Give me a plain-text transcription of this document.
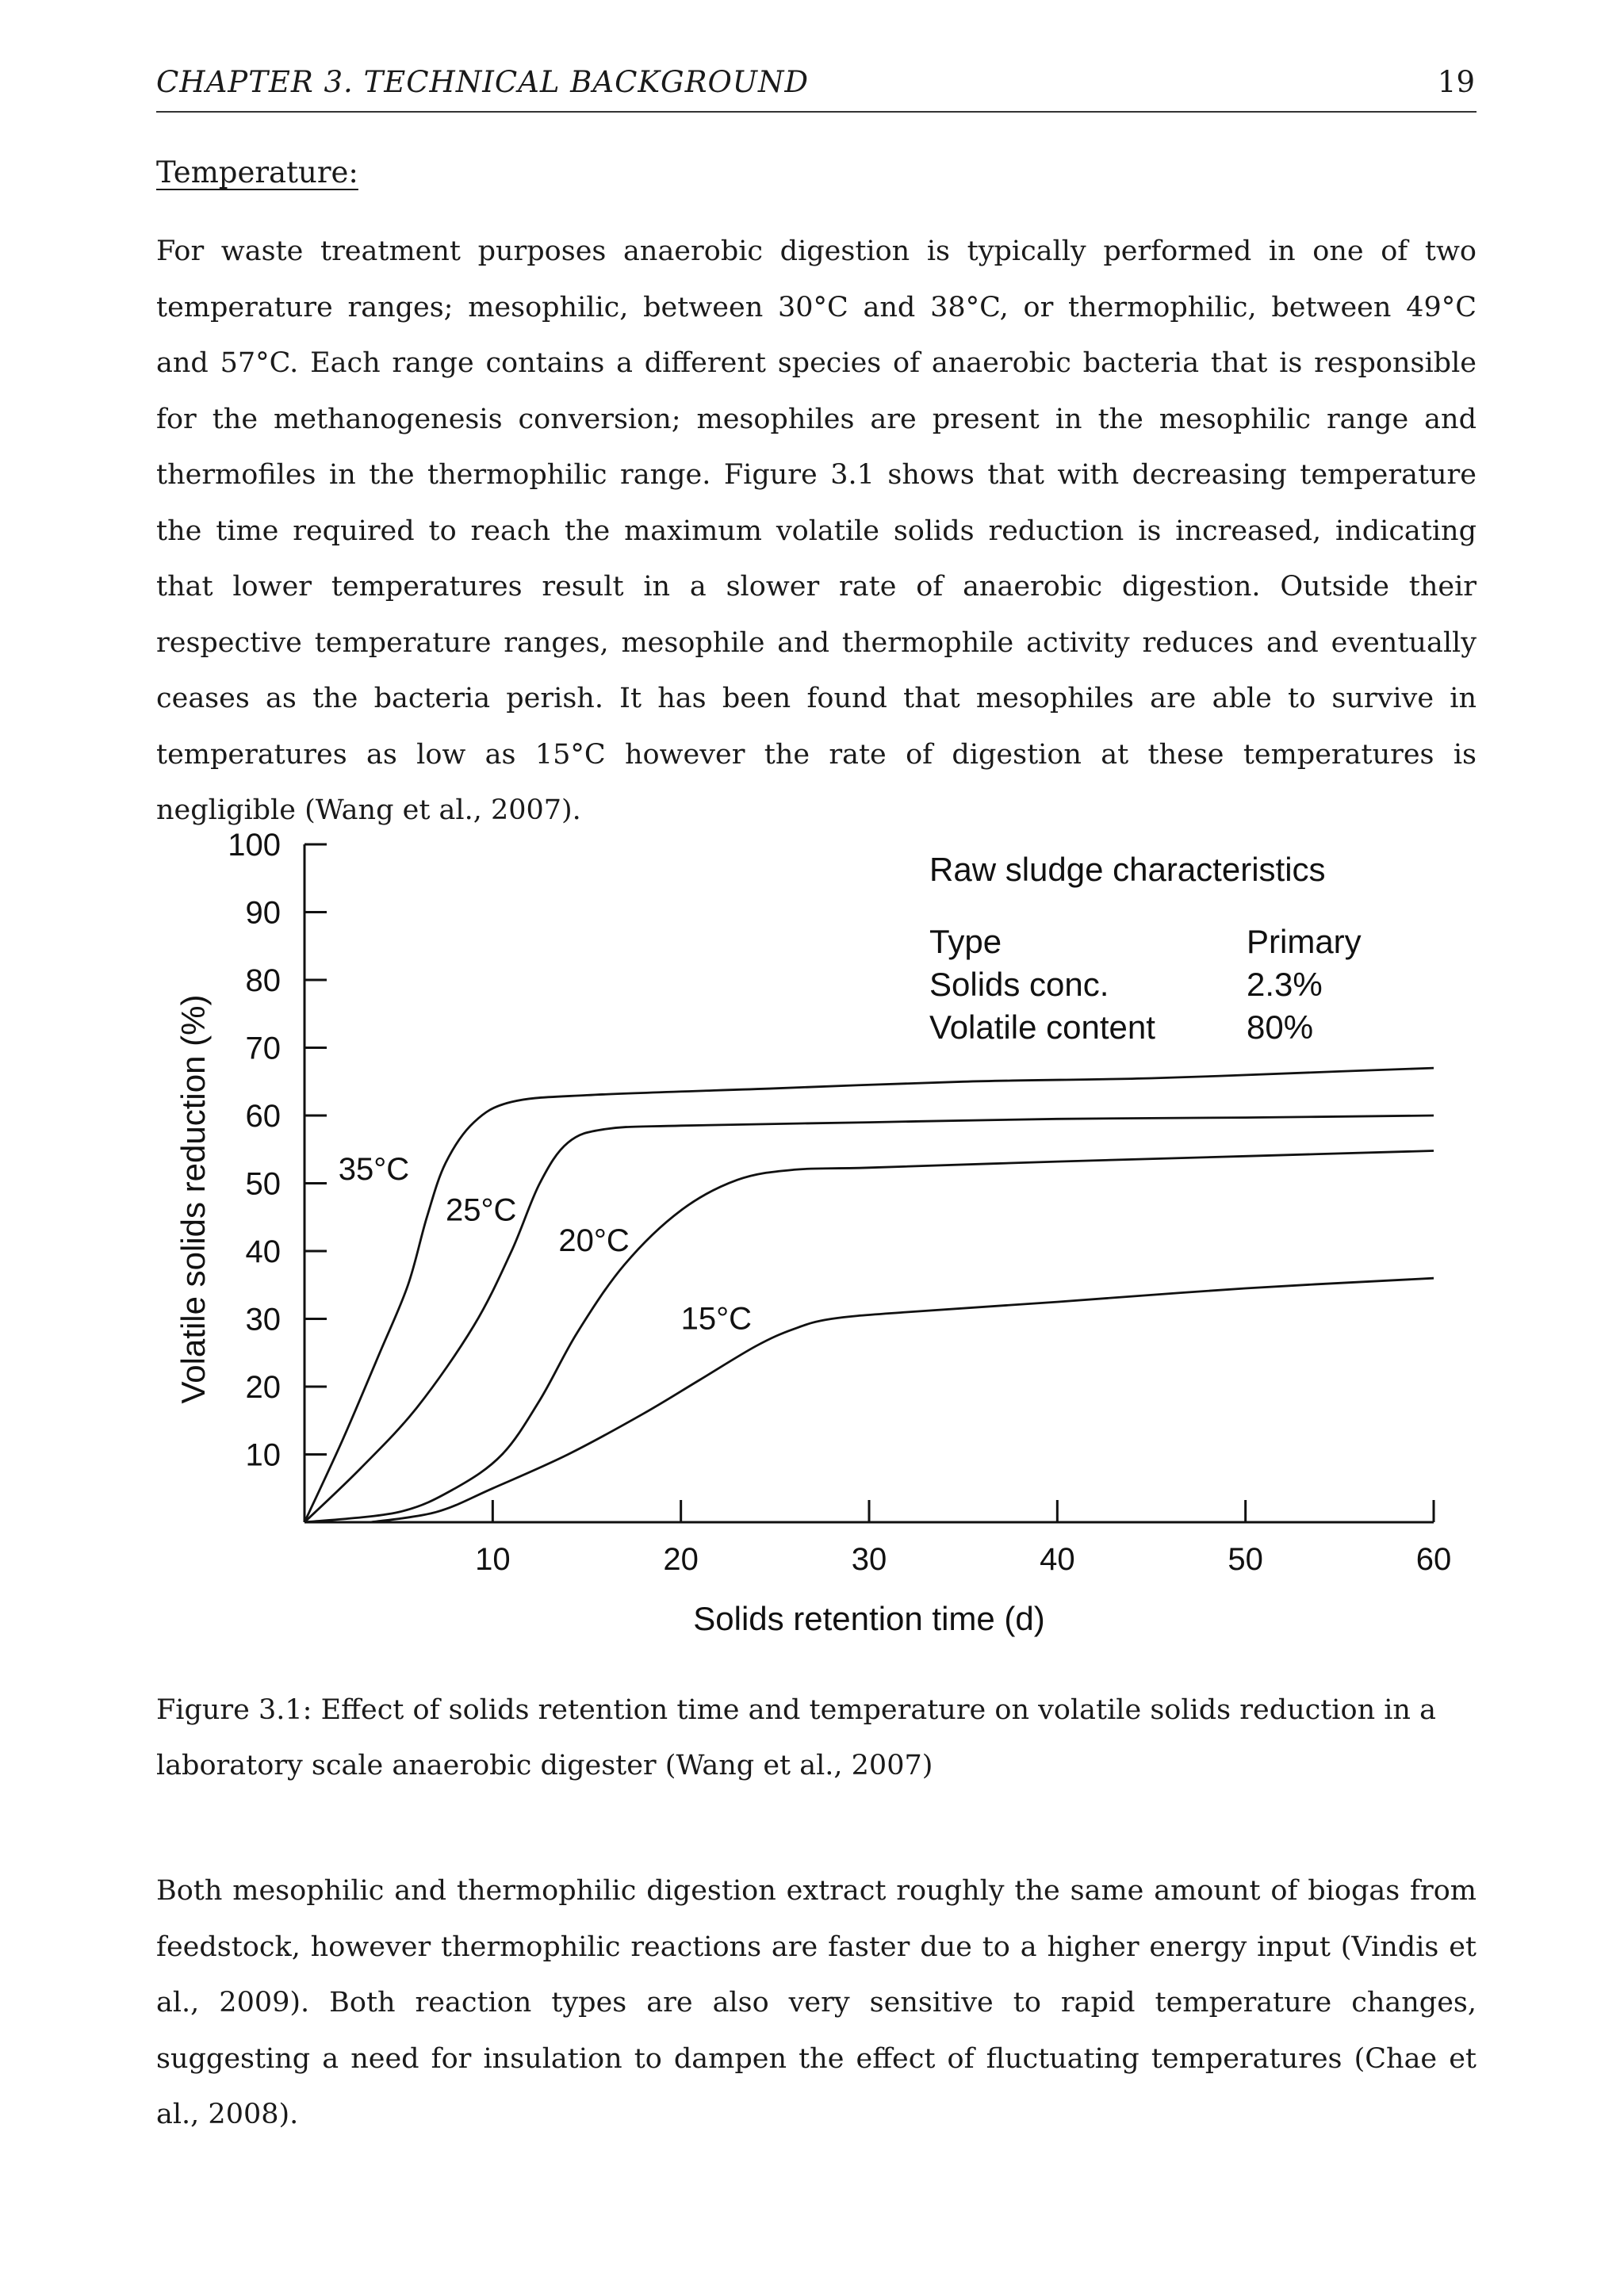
CHAPTER 3. TECHNICAL BACKGROUND	19
Temperature:

For waste treatment purposes anaerobic digestion is typically performed in one of two temperature ranges; mesophilic, between 30°C and 38°C, or thermophilic, between 49°C and 57°C. Each range contains a different species of anaerobic bacteria that is responsible for the methanogenesis conversion; mesophiles are present in the mesophilic range and thermofiles in the thermophilic range. Figure 3.1 shows that with decreasing temperature the time required to reach the maximum volatile solids reduction is increased, indicating that lower temperatures result in a slower rate of anaerobic digestion. Outside their respective temperature ranges, mesophile and thermophile activity reduces and eventually ceases as the bacteria perish. It has been found that mesophiles are able to survive in temperatures as low as 15°C however the rate of digestion at these temperatures is negligible (Wang et al., 2007).

10
20
30
40
50
60
70
80
90
100
10	20	30	40	50	60
Solids retention time (d)
Volatile solids reduction (%)	35°C
25°C
20°C
15°C
Raw sludge characteristics
Type	Primary
Solids conc.	2.3%
Volatile content	80%

Figure 3.1: Effect of solids retention time and temperature on volatile solids reduction in a laboratory scale anaerobic digester (Wang et al., 2007)

Both mesophilic and thermophilic digestion extract roughly the same amount of biogas from feedstock, however thermophilic reactions are faster due to a higher energy input (Vindis et al., 2009). Both reaction types are also very sensitive to rapid temperature changes, suggesting a need for insulation to dampen the effect of fluctuating temperatures (Chae et al., 2008).
